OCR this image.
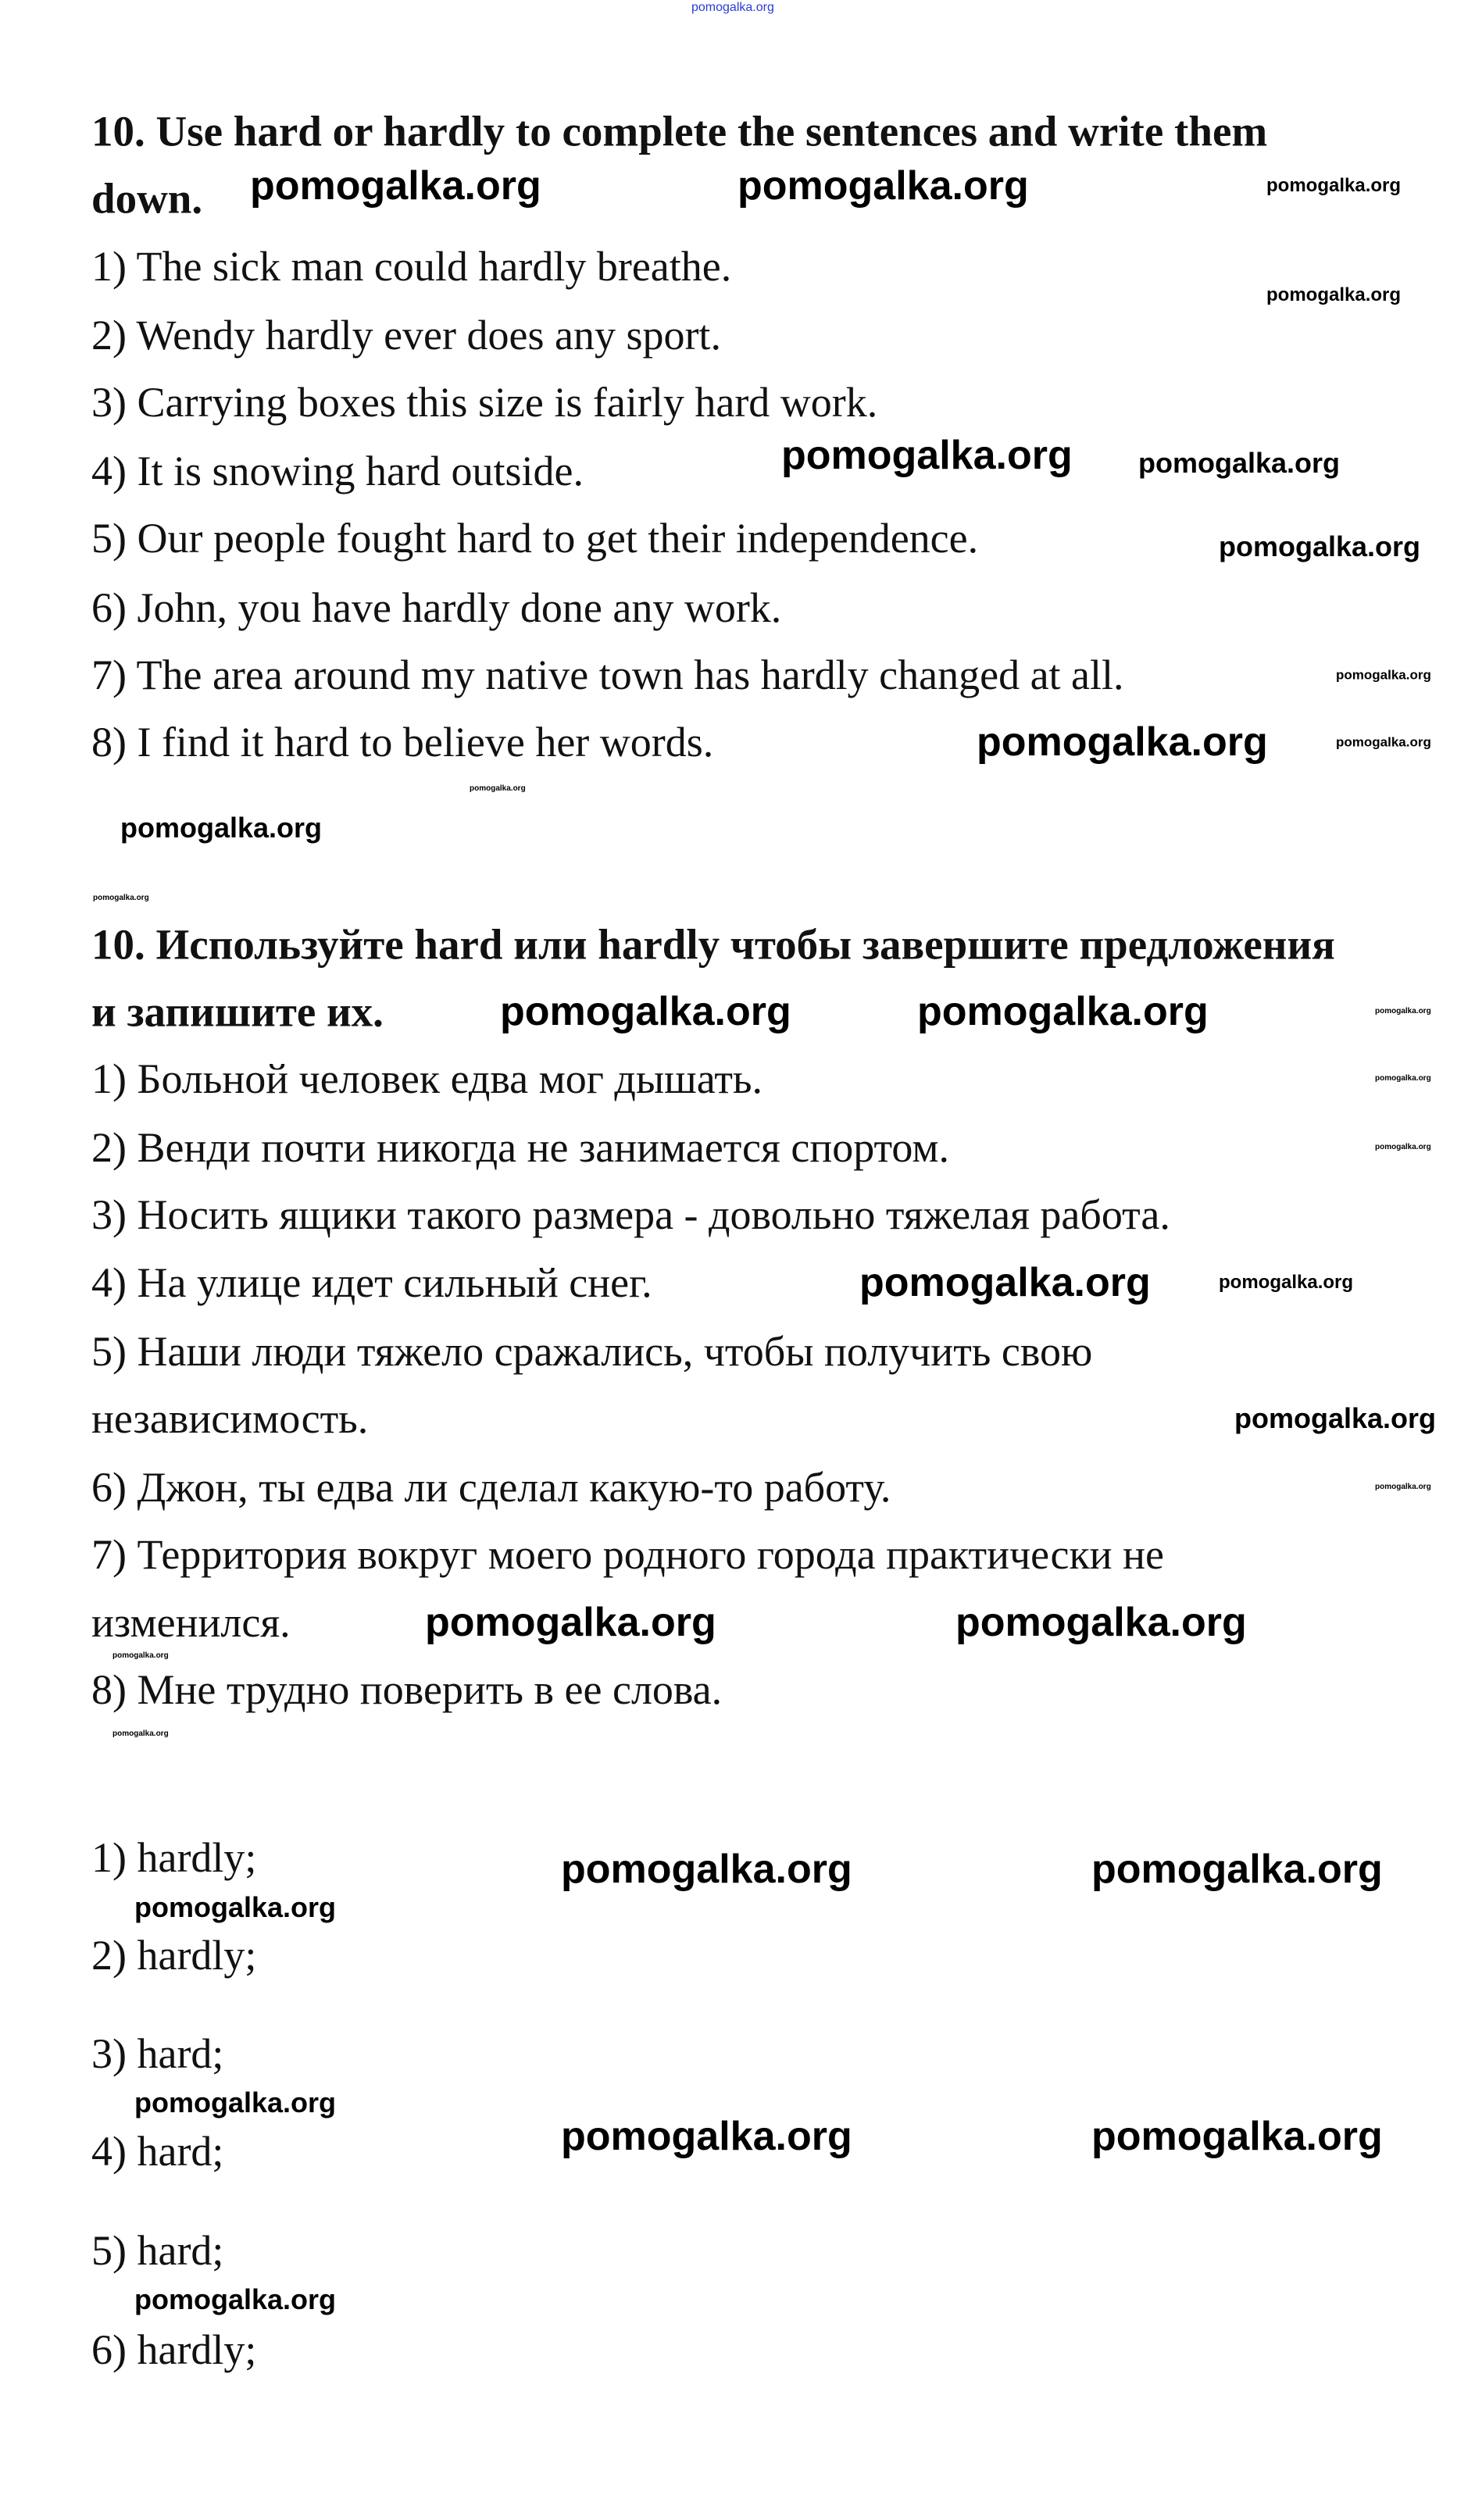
pomogalka.org
10. Use hard or hardly to complete the sentences and write them
down.
1) The sick man could hardly breathe.
2) Wendy hardly ever does any sport.
3) Carrying boxes this size is fairly hard work.
4) It is snowing hard outside.
5) Our people fought hard to get their independence.
6) John, you have hardly done any work.
7) The area around my native town has hardly changed at all.
8) I find it hard to believe her words.
10. Используйте hard или hardly чтобы завершите предложения
и запишите их.
1) Больной человек едва мог дышать.
2) Венди почти никогда не занимается спортом.
3) Носить ящики такого размера - довольно тяжелая работа.
4) На улице идет сильный снег.
5) Наши люди тяжело сражались, чтобы получить свою
независимость.
6) Джон, ты едва ли сделал какую-то работу.
7) Территория вокруг моего родного города практически не
изменился.
8) Мне трудно поверить в ее слова.
1) hardly;
2) hardly;
3) hard;
4) hard;
5) hard;
6) hardly;
pomogalka.org	pomogalka.org
pomogalka.org
pomogalka.org
pomogalka.org	pomogalka.org
pomogalka.org
pomogalka.org	pomogalka.org
pomogalka.org	pomogalka.org
pomogalka.org	pomogalka.org
pomogalka.org
pomogalka.org
pomogalka.org
pomogalka.org
pomogalka.org
pomogalka.org
pomogalka.org
pomogalka.org
pomogalka.org
pomogalka.org
pomogalka.org
pomogalka.org
pomogalka.org
pomogalka.org
pomogalka.org
pomogalka.org
pomogalka.org
pomogalka.org
pomogalka.org
pomogalka.org
